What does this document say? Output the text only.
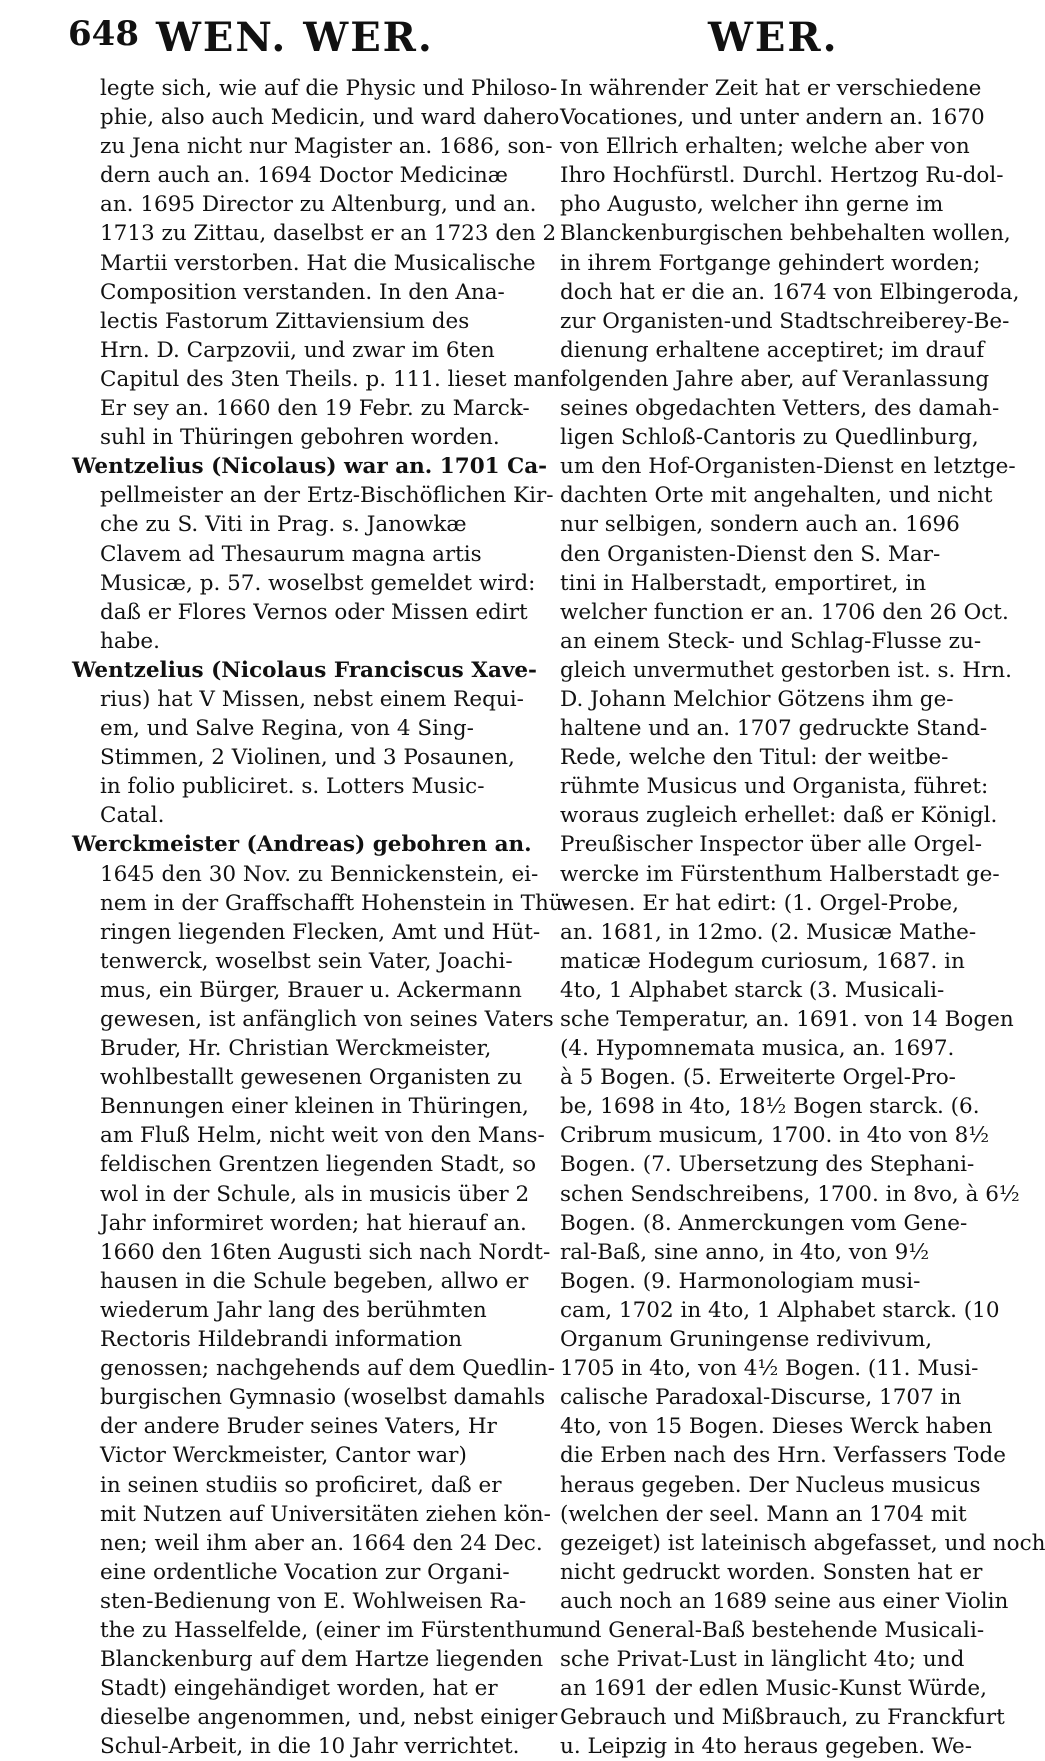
648 WEN. WER.	WER.
legte sich, wie auf die Physic und Philoso-
phie, also auch Medicin, und ward dahero
zu Jena nicht nur Magister an. 1686, son-
dern auch an. 1694 Doctor Medicinæ
an. 1695 Director zu Altenburg, und an.
1713 zu Zittau, daselbst er an 1723 den 2
Martii verstorben. Hat die Musicalische
Composition verstanden. In den Ana-
lectis Fastorum Zittaviensium des
Hrn. D. Carpzovii, und zwar im 6ten
Capitul des 3ten Theils. p. 111. lieset man:
Er sey an. 1660 den 19 Febr. zu Marck-
suhl in Thüringen gebohren worden.
Wentzelius (Nicolaus) war an. 1701 Ca-
pellmeister an der Ertz-Bischöflichen Kir-
che zu S. Viti in Prag. s. Janowkæ
Clavem ad Thesaurum magna artis
Musicæ, p. 57. woselbst gemeldet wird:
daß er Flores Vernos oder Missen edirt
habe.
Wentzelius (Nicolaus Franciscus Xave-
rius) hat V Missen, nebst einem Requi-
em, und Salve Regina, von 4 Sing-
Stimmen, 2 Violinen, und 3 Posaunen,
in folio publiciret. s. Lotters Music-
Catal.
Werckmeister (Andreas) gebohren an.
1645 den 30 Nov. zu Bennickenstein, ei-
nem in der Graffschafft Hohenstein in Thü-
ringen liegenden Flecken, Amt und Hüt-
tenwerck, woselbst sein Vater, Joachi-
mus, ein Bürger, Brauer u. Ackermann
gewesen, ist anfänglich von seines Vaters
Bruder, Hr. Christian Werckmeister,
wohlbestallt gewesenen Organisten zu
Bennungen einer kleinen in Thüringen,
am Fluß Helm, nicht weit von den Mans-
feldischen Grentzen liegenden Stadt, so
wol in der Schule, als in musicis über 2
Jahr informiret worden; hat hierauf an.
1660 den 16ten Augusti sich nach Nordt-
hausen in die Schule begeben, allwo er
wiederum Jahr lang des berühmten
Rectoris Hildebrandi information
genossen; nachgehends auf dem Quedlin-
burgischen Gymnasio (woselbst damahls
der andere Bruder seines Vaters, Hr
Victor Werckmeister, Cantor war)
in seinen studiis so proficiret, daß er
mit Nutzen auf Universitäten ziehen kön-
nen; weil ihm aber an. 1664 den 24 Dec.
eine ordentliche Vocation zur Organi-
sten-Bedienung von E. Wohlweisen Ra-
the zu Hasselfelde, (einer im Fürstenthum
Blanckenburg auf dem Hartze liegenden
Stadt) eingehändiget worden, hat er
dieselbe angenommen, und, nebst einiger
Schul-Arbeit, in die 10 Jahr verrichtet.
In währender Zeit hat er verschiedene
Vocationes, und unter andern an. 1670
von Ellrich erhalten; welche aber von
Ihro Hochfürstl. Durchl. Hertzog Ru-dol-
pho Augusto, welcher ihn gerne im
Blanckenburgischen behbehalten wollen,
in ihrem Fortgange gehindert worden;
doch hat er die an. 1674 von Elbingeroda,
zur Organisten-und Stadtschreiberey-Be-
dienung erhaltene acceptiret; im drauf
folgenden Jahre aber, auf Veranlassung
seines obgedachten Vetters, des damah-
ligen Schloß-Cantoris zu Quedlinburg,
um den Hof-Organisten-Dienst en letztge-
dachten Orte mit angehalten, und nicht
nur selbigen, sondern auch an. 1696
den Organisten-Dienst den S. Mar-
tini in Halberstadt, emportiret, in
welcher function er an. 1706 den 26 Oct.
an einem Steck- und Schlag-Flusse zu-
gleich unvermuthet gestorben ist. s. Hrn.
D. Johann Melchior Götzens ihm ge-
haltene und an. 1707 gedruckte Stand-
Rede, welche den Titul: der weitbe-
rühmte Musicus und Organista, führet:
woraus zugleich erhellet: daß er Königl.
Preußischer Inspector über alle Orgel-
wercke im Fürstenthum Halberstadt ge-
wesen. Er hat edirt: (1. Orgel-Probe,
an. 1681, in 12mo. (2. Musicæ Mathe-
maticæ Hodegum curiosum, 1687. in
4to, 1 Alphabet starck (3. Musicali-
sche Temperatur, an. 1691. von 14 Bogen
(4. Hypomnemata musica, an. 1697.
à 5 Bogen. (5. Erweiterte Orgel-Pro-
be, 1698 in 4to, 18½ Bogen starck. (6.
Cribrum musicum, 1700. in 4to von 8½
Bogen. (7. Ubersetzung des Stephani-
schen Sendschreibens, 1700. in 8vo, à 6½
Bogen. (8. Anmerckungen vom Gene-
ral-Baß, sine anno, in 4to, von 9½
Bogen. (9. Harmonologiam musi-
cam, 1702 in 4to, 1 Alphabet starck. (10
Organum Gruningense redivivum,
1705 in 4to, von 4½ Bogen. (11. Musi-
calische Paradoxal-Discurse, 1707 in
4to, von 15 Bogen. Dieses Werck haben
die Erben nach des Hrn. Verfassers Tode
heraus gegeben. Der Nucleus musicus
(welchen der seel. Mann an 1704 mit
gezeiget) ist lateinisch abgefasset, und noch
nicht gedruckt worden. Sonsten hat er
auch noch an 1689 seine aus einer Violin
und General-Baß bestehende Musicali-
sche Privat-Lust in länglicht 4to; und
an 1691 der edlen Music-Kunst Würde,
Gebrauch und Mißbrauch, zu Franckfurt
u. Leipzig in 4to heraus gegeben. We-
